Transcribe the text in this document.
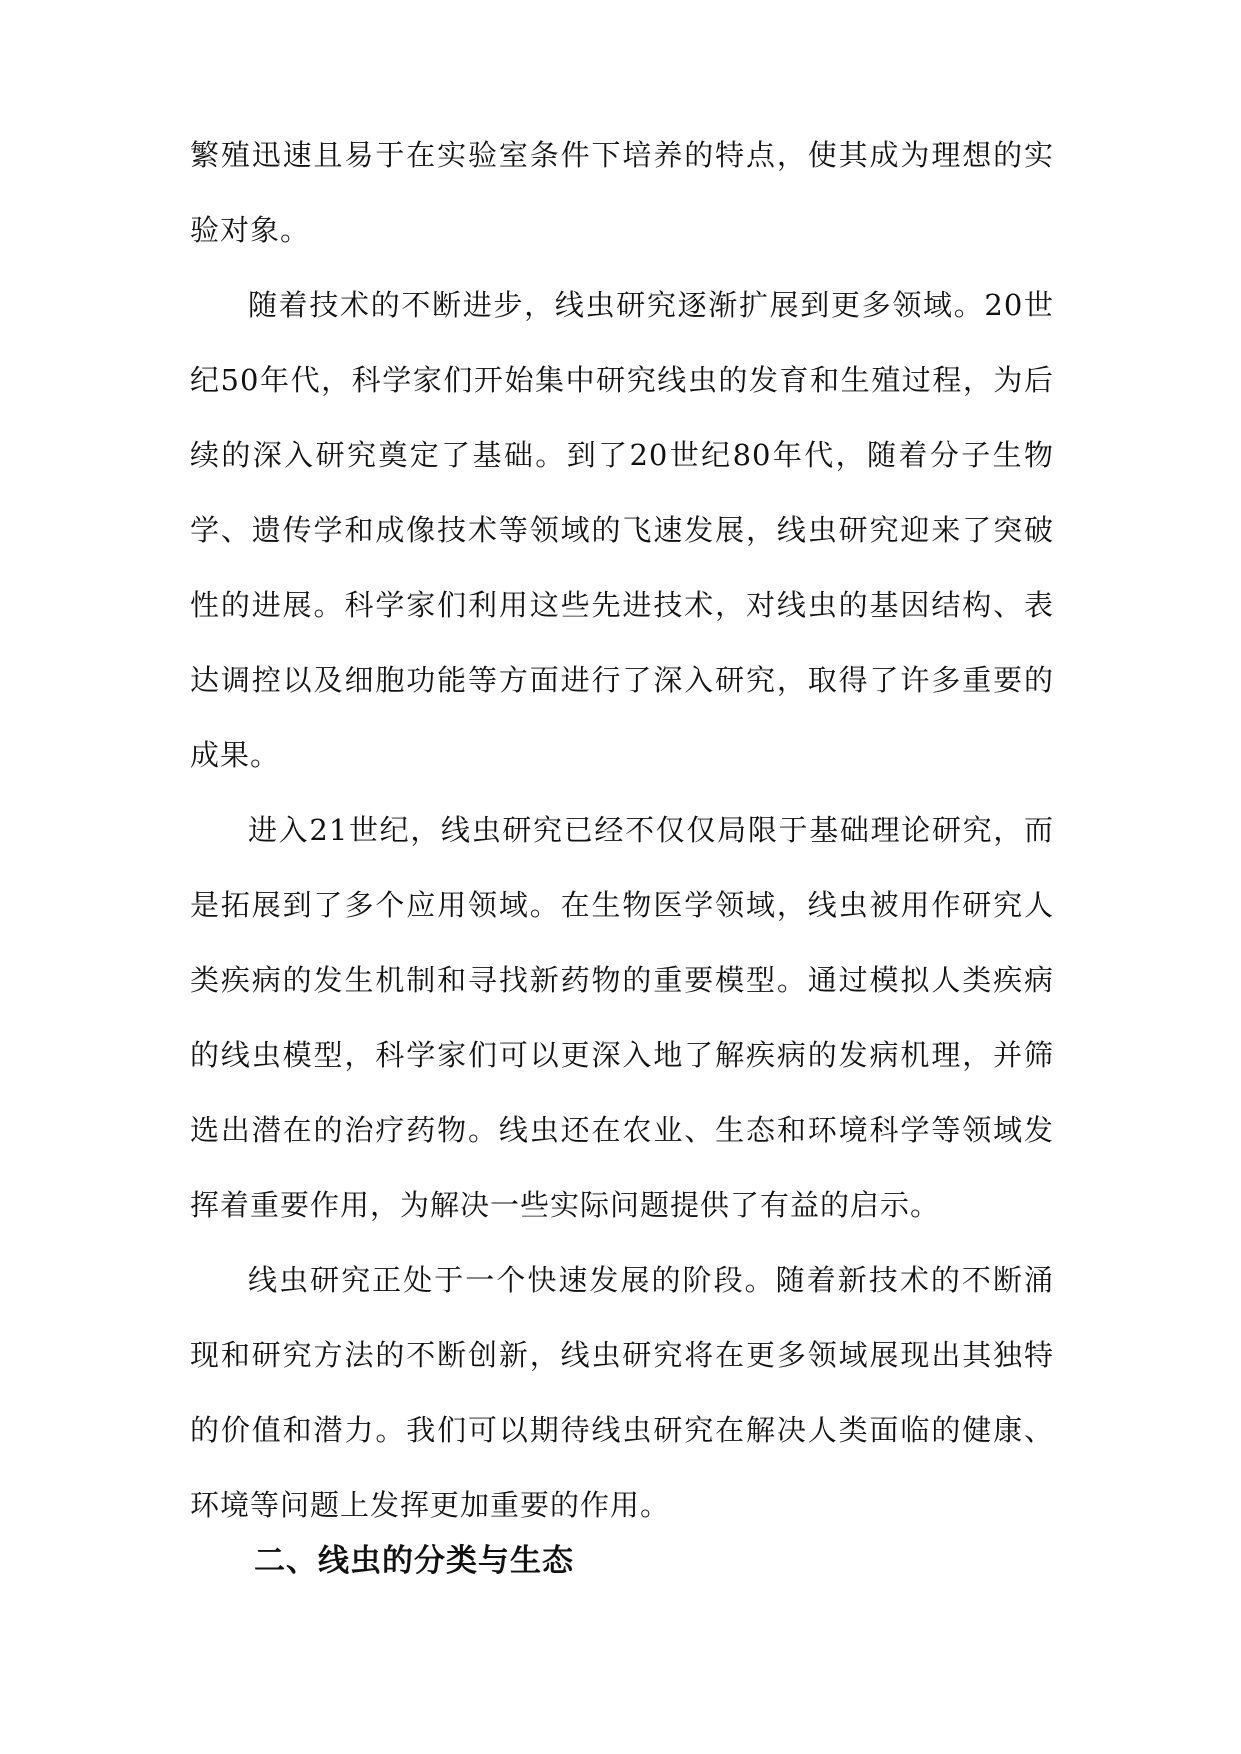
繁殖迅速且易于在实验室条件下培养的特点，使其成为理想的实验对象。

随着技术的不断进步，线虫研究逐渐扩展到更多领域。20世纪50年代，科学家们开始集中研究线虫的发育和生殖过程，为后续的深入研究奠定了基础。到了20世纪80年代，随着分子生物学、遗传学和成像技术等领域的飞速发展，线虫研究迎来了突破性的进展。科学家们利用这些先进技术，对线虫的基因结构、表达调控以及细胞功能等方面进行了深入研究，取得了许多重要的成果。

进入21世纪，线虫研究已经不仅仅局限于基础理论研究，而是拓展到了多个应用领域。在生物医学领域，线虫被用作研究人类疾病的发生机制和寻找新药物的重要模型。通过模拟人类疾病的线虫模型，科学家们可以更深入地了解疾病的发病机理，并筛选出潜在的治疗药物。线虫还在农业、生态和环境科学等领域发挥着重要作用，为解决一些实际问题提供了有益的启示。

线虫研究正处于一个快速发展的阶段。随着新技术的不断涌现和研究方法的不断创新，线虫研究将在更多领域展现出其独特的价值和潜力。我们可以期待线虫研究在解决人类面临的健康、环境等问题上发挥更加重要的作用。

二、线虫的分类与生态
